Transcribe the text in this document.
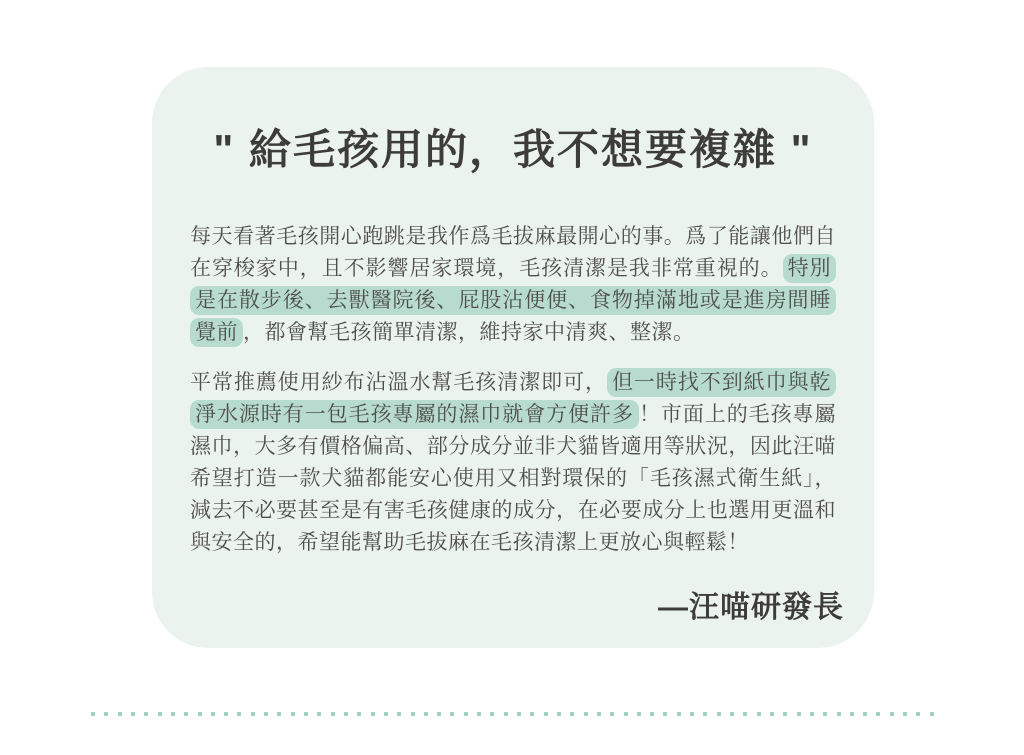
" 給毛孩用的，我不想要複雜 "

每天看著毛孩開心跑跳是我作爲毛拔麻最開心的事。爲了能讓他們自在穿梭家中，且不影響居家環境，毛孩清潔是我非常重視的。 特別是在散步後、去獸醫院後、屁股沾便便、食物掉滿地或是進房間睡覺前 ，都會幫毛孩簡單清潔，維持家中清爽、整潔。

平常推薦使用紗布沾溫水幫毛孩清潔即可， 但一時找不到紙巾與乾淨水源時有一包毛孩專屬的濕巾就會方便許多 ！市面上的毛孩專屬濕巾，大多有價格偏高、部分成分並非犬貓皆適用等狀況，因此汪喵希望打造一款犬貓都能安心使用又相對環保的「毛孩濕式衛生紙」，減去不必要甚至是有害毛孩健康的成分，在必要成分上也選用更溫和與安全的，希望能幫助毛拔麻在毛孩清潔上更放心與輕鬆！

—汪喵研發長
